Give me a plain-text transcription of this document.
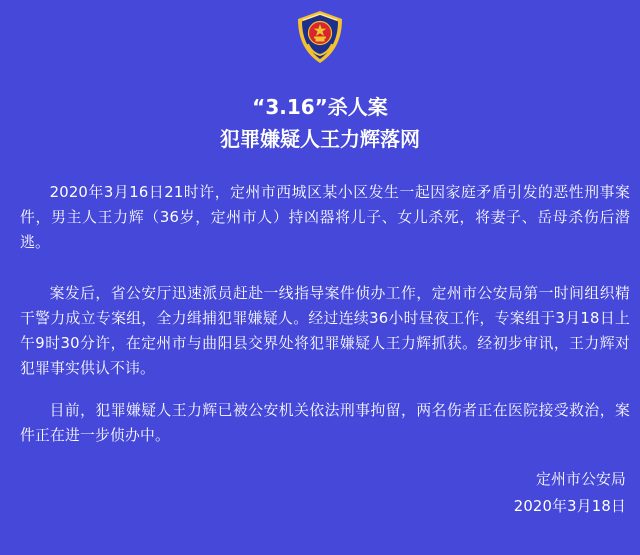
“3.16”杀人案
犯罪嫌疑人王力辉落网

2020年3月16日21时许，定州市西城区某小区发生一起因家庭矛盾引发的恶性刑事案件，男主人王力辉（36岁，定州市人）持凶器将儿子、女儿杀死，将妻子、岳母杀伤后潜逃。

案发后，省公安厅迅速派员赶赴一线指导案件侦办工作，定州市公安局第一时间组织精干警力成立专案组，全力缉捕犯罪嫌疑人。经过连续36小时昼夜工作，专案组于3月18日上午9时30分许，在定州市与曲阳县交界处将犯罪嫌疑人王力辉抓获。经初步审讯，王力辉对犯罪事实供认不讳。

目前，犯罪嫌疑人王力辉已被公安机关依法刑事拘留，两名伤者正在医院接受救治，案件正在进一步侦办中。

定州市公安局
2020年3月18日
